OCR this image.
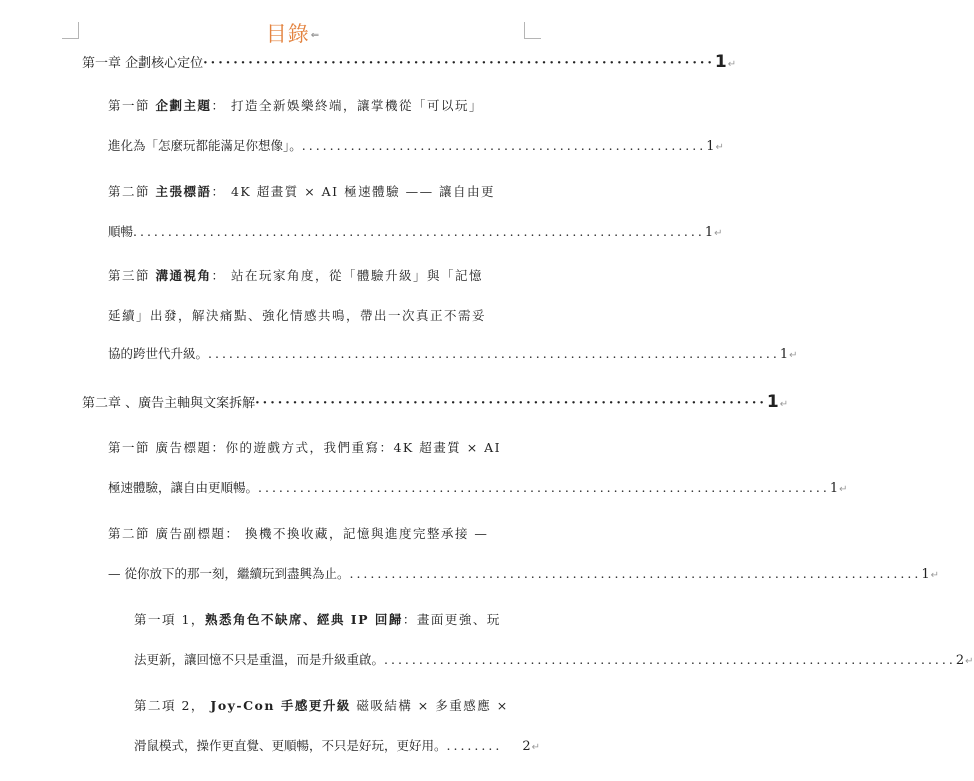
目錄⇐
第一章 企劃核心定位 ···································································· 1 ↵
第一節 企劃主題： 打造全新娛樂終端，讓掌機從「可以玩」
進化為「怎麼玩都能滿足你想像」。 .......................................................... 1 ↵
第二節 主張標語： 4K 超畫質 × AI 極速體驗 —— 讓自由更
順暢 .................................................................................. 1 ↵
第三節 溝通視角： 站在玩家角度，從「體驗升級」與「記憶
延續」出發，解決痛點、強化情感共鳴，帶出一次真正不需妥
協的跨世代升級。 .................................................................................. 1 ↵
第二章 、廣告主軸與文案拆解 ···································································· 1 ↵
第一節 廣告標題：你的遊戲方式，我們重寫：4K 超畫質 × AI
極速體驗，讓自由更順暢。 .................................................................................. 1 ↵
第二節 廣告副標題： 換機不換收藏，記憶與進度完整承接 —
— 從你放下的那一刻，繼續玩到盡興為止。 .................................................................................. 1 ↵
第一項 1，熟悉角色不缺席、經典 IP 回歸：畫面更強、玩
法更新，讓回憶不只是重溫，而是升級重啟。 .................................................................................. 2 ↵
第二項 2， Joy-Con 手感更升級 磁吸結構 × 多重感應 ×
滑鼠模式，操作更直覺、更順暢，不只是好玩，更好用。 ........	2 ↵
